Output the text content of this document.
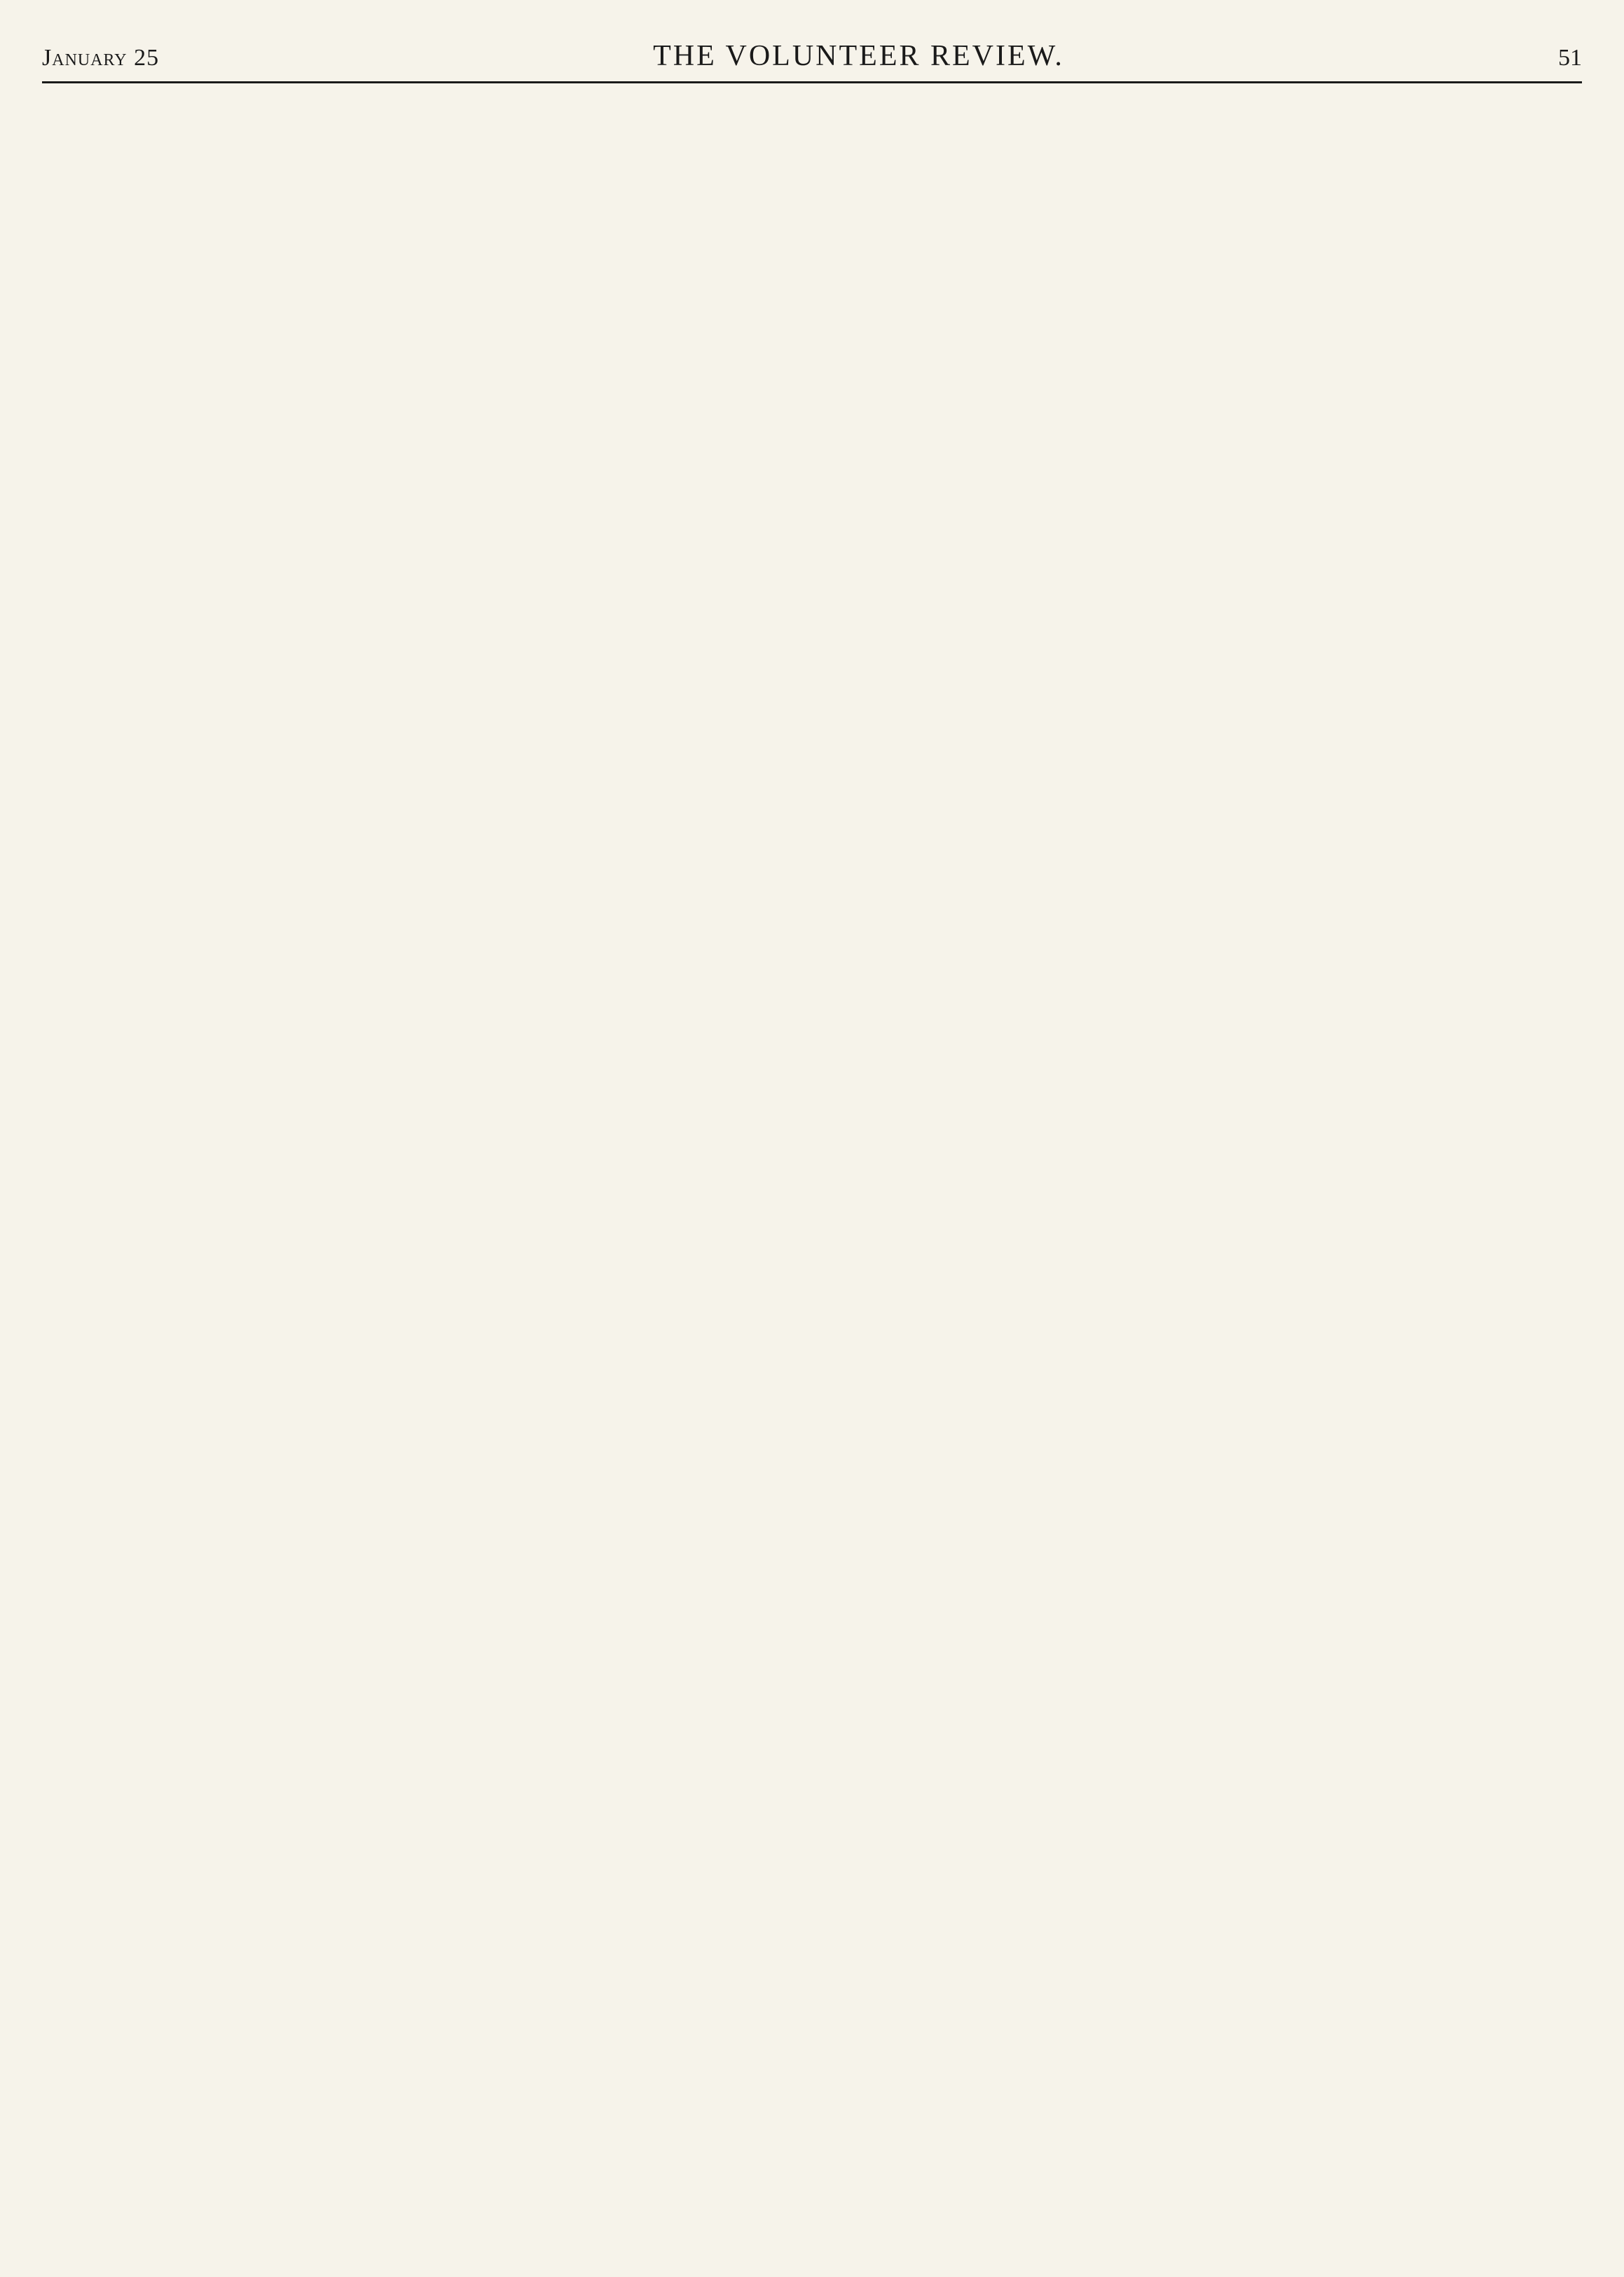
January 25	THE VOLUNTEER REVIEW.	51
